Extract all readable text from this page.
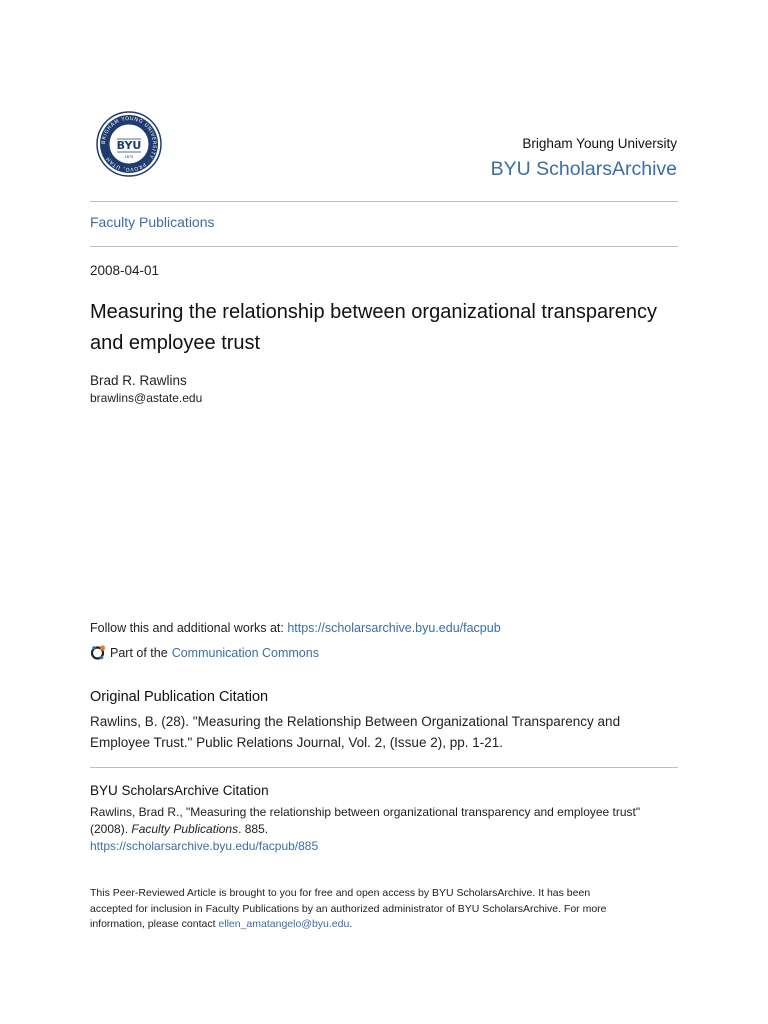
BRIGHAM YOUNG UNIVERSITY · PROVO, UTAH
BYU
1875
Brigham Young University
BYU ScholarsArchive
Faculty Publications
2008-04-01
Measuring the relationship between organizational transparency and employee trust
Brad R. Rawlins
brawlins@astate.edu
Follow this and additional works at: https://scholarsarchive.byu.edu/facpub
Part of the Communication Commons
Original Publication Citation
Rawlins, B. (28). "Measuring the Relationship Between Organizational Transparency and
Employee Trust." Public Relations Journal, Vol. 2, (Issue 2), pp. 1-21.
BYU ScholarsArchive Citation
Rawlins, Brad R., "Measuring the relationship between organizational transparency and employee trust"
(2008). Faculty Publications. 885.
https://scholarsarchive.byu.edu/facpub/885
This Peer-Reviewed Article is brought to you for free and open access by BYU ScholarsArchive. It has been
accepted for inclusion in Faculty Publications by an authorized administrator of BYU ScholarsArchive. For more
information, please contact ellen_amatangelo@byu.edu.
